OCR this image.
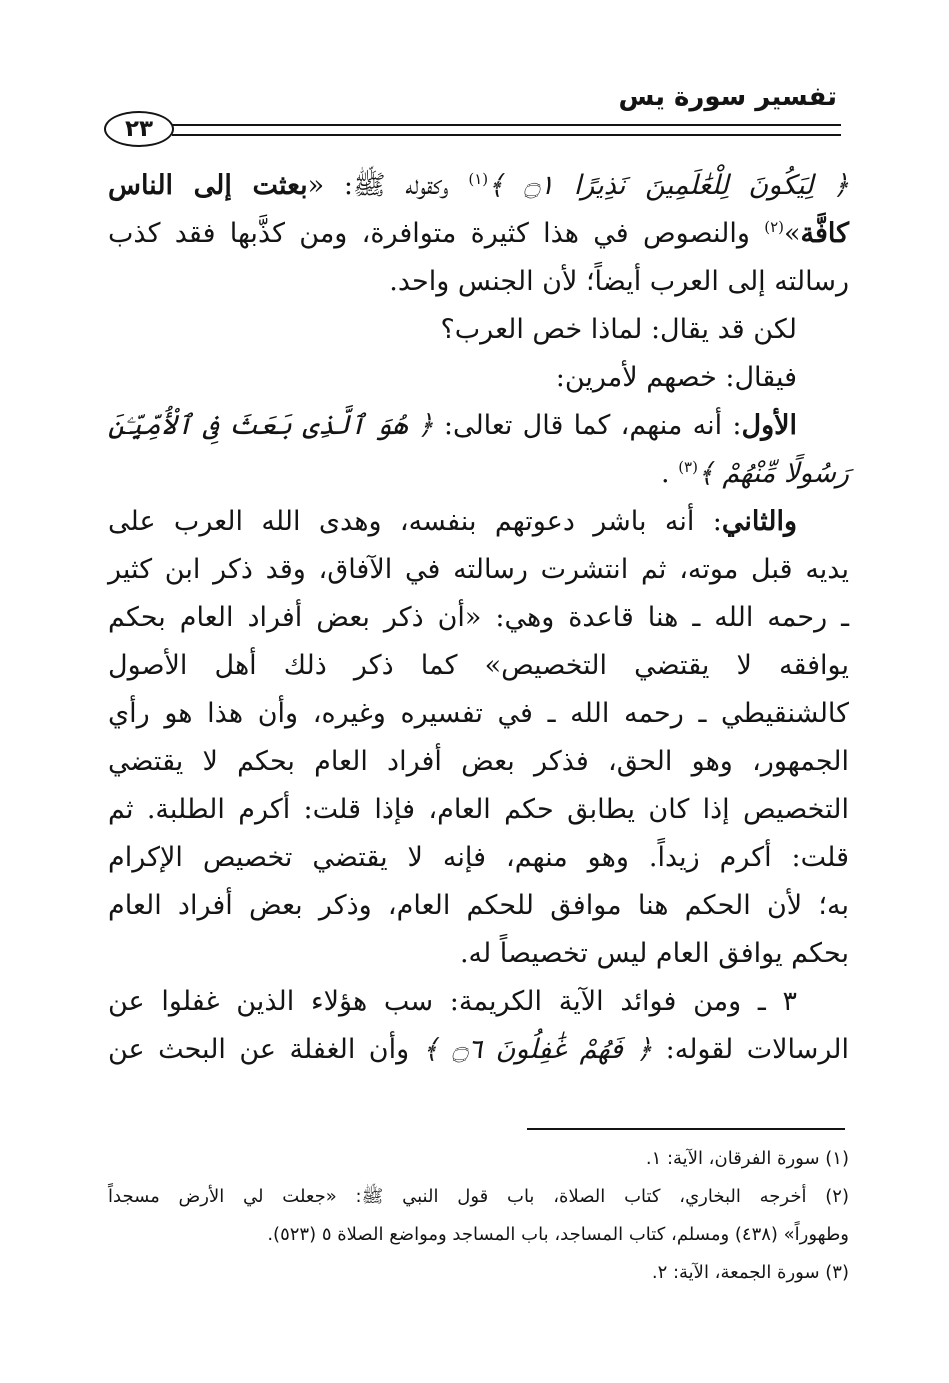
تفسير سورة يس
٢٣
﴿ لِيَكُونَ لِلْعَٰلَمِينَ نَذِيرًا ۝١ ﴾$^{(١)}$ وكقوله ﷺ: «بعثت إلى الناس
كافَّة»$^{(٢)}$ والنصوص في هذا كثيرة متوافرة، ومن كذَّبها فقد كذب
رسالته إلى العرب أيضاً؛ لأن الجنس واحد.
لكن قد يقال: لماذا خص العرب؟
فيقال: خصهم لأمرين:
الأول: أنه منهم، كما قال تعالى: ﴿ هُوَ ٱلَّذِى بَعَثَ فِى ٱلْأُمِّيِّـۧنَ
رَسُولًا مِّنْهُمْ ﴾$^{(٣)}$ .
والثاني: أنه باشر دعوتهم بنفسه، وهدى الله العرب على
يديه قبل موته، ثم انتشرت رسالته في الآفاق، وقد ذكر ابن كثير
ـ رحمه الله ـ هنا قاعدة وهي: «أن ذكر بعض أفراد العام بحكم
يوافقه لا يقتضي التخصيص» كما ذكر ذلك أهل الأصول
كالشنقيطي ـ رحمه الله ـ في تفسيره وغيره، وأن هذا هو رأي
الجمهور، وهو الحق، فذكر بعض أفراد العام بحكم لا يقتضي
التخصيص إذا كان يطابق حكم العام، فإذا قلت: أكرم الطلبة. ثم
قلت: أكرم زيداً. وهو منهم، فإنه لا يقتضي تخصيص الإكرام
به؛ لأن الحكم هنا موافق للحكم العام، وذكر بعض أفراد العام
بحكم يوافق العام ليس تخصيصاً له.
٣ ـ ومن فوائد الآية الكريمة: سب هؤلاء الذين غفلوا عن
الرسالات لقوله: ﴿ فَهُمْ غَٰفِلُونَ ۝٦ ﴾ وأن الغفلة عن البحث عن
(١) سورة الفرقان، الآية: ١.
(٢) أخرجه البخاري، كتاب الصلاة، باب قول النبي ﷺ: «جعلت لي الأرض مسجداً
وطهوراً» (٤٣٨) ومسلم، كتاب المساجد، باب المساجد ومواضع الصلاة ٥ (٥٢٣).
(٣) سورة الجمعة، الآية: ٢.
